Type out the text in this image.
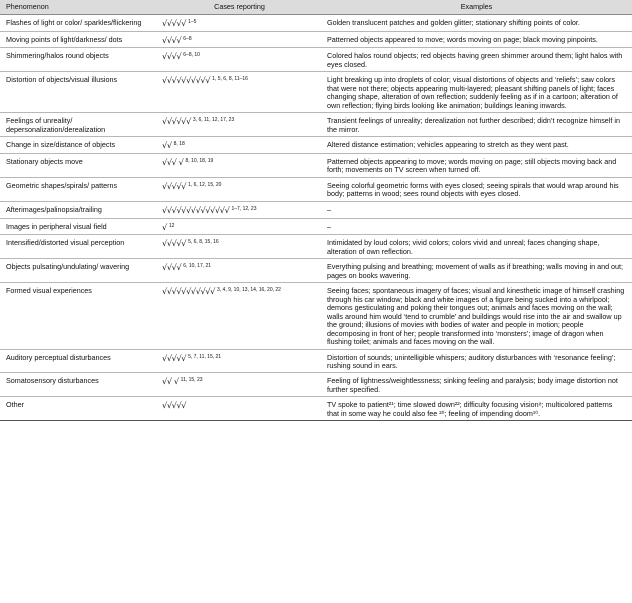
Phenomenon	Cases reporting	Examples
Flashes of light or color/ sparkles/flickering	√√√√√ $^{1-5}$	Golden translucent patches and golden glitter; stationary shifting points of color.
Moving points of light/darkness/ dots	√√√√ $^{6-8}$	Patterned objects appeared to move; words moving on page; black moving pinpoints.
Shimmering/halos round objects	√√√√ $^{6-8, 10}$	Colored halos round objects; red objects having green shimmer around them; light halos with eyes closed.
Distortion of objects/visual illusions	√√√√√√√√√√ $^{1, 5, 6, 8, 11-16}$	Light breaking up into droplets of color; visual distortions of objects and ‘reliefs’; saw colors that were not there; objects appearing multi-layered; pleasant shifting panels of light; faces changing shape, alteration of own reflection; suddenly feeling as if in a cartoon; alteration of own reflection; flying birds looking like animation; buildings leaning inwards.
Feelings of unreality/ depersonalization/derealization	√√√√√√ $^{3, 6, 11, 12, 17, 23}$	Transient feelings of unreality; derealization not further described; didn’t recognize himself in the mirror.
Change in size/distance of objects	√√ $^{8, 18}$	Altered distance estimation; vehicles appearing to stretch as they went past.
Stationary objects move	√√√ √ $^{8, 10, 18, 19}$	Patterned objects appearing to move; words moving on page; still objects moving back and forth; movements on TV screen when turned off.
Geometric shapes/spirals/ patterns	√√√√√ $^{1, 6, 12, 15, 20}$	Seeing colorful geometric forms with eyes closed; seeing spirals that would wrap around his body; patterns in wood; sees round objects with eyes closed.
Afterimages/palinopsia/trailing	√√√√√√√√√√√√√√ $^{1-7, 12, 23}$	–
Images in peripheral visual field	√ $^{12}$	–
Intensified/distorted visual perception	√√√√√ $^{5, 6, 8, 15, 16}$	Intimidated by loud colors; vivid colors; colors vivid and unreal; faces changing shape, alteration of own reflection.
Objects pulsating/undulating/ wavering	√√√√ $^{6, 10, 17, 21}$	Everything pulsing and breathing; movement of walls as if breathing; walls moving in and out; pages on books wavering.
Formed visual experiences	√√√√√√√√√√√ $^{3, 4, 9, 10, 13, 14, 16, 20, 22}$	Seeing faces; spontaneous imagery of faces; visual and kinesthetic image of himself crashing through his car window; black and white images of a figure being sucked into a whirlpool; demons gesticulating and poking their tongues out; animals and faces moving on the wall; walls around him would ‘tend to crumble’ and buildings would rise into the air and swallow up the ground; illusions of movies with bodies of water and people in motion; people decomposing in front of her; people transformed into ‘monsters’; image of dragon when flushing toilet; animals and faces moving on the wall.
Auditory perceptual disturbances	√√√√√ $^{5, 7, 11, 15, 21}$	Distortion of sounds; unintelligible whispers; auditory disturbances with ‘resonance feeling’; rushing sound in ears.
Somatosensory disturbances	√√ √ $^{11, 15, 23}$	Feeling of lightness/weightlessness; sinking feeling and paralysis; body image distortion not further specified.
Other	√√√√√	TV spoke to patient²¹; time slowed down²²; difficulty focusing vision⁸; multicolored patterns that in some way he could also fee ²⁰; feeling of impending doom¹⁰.
